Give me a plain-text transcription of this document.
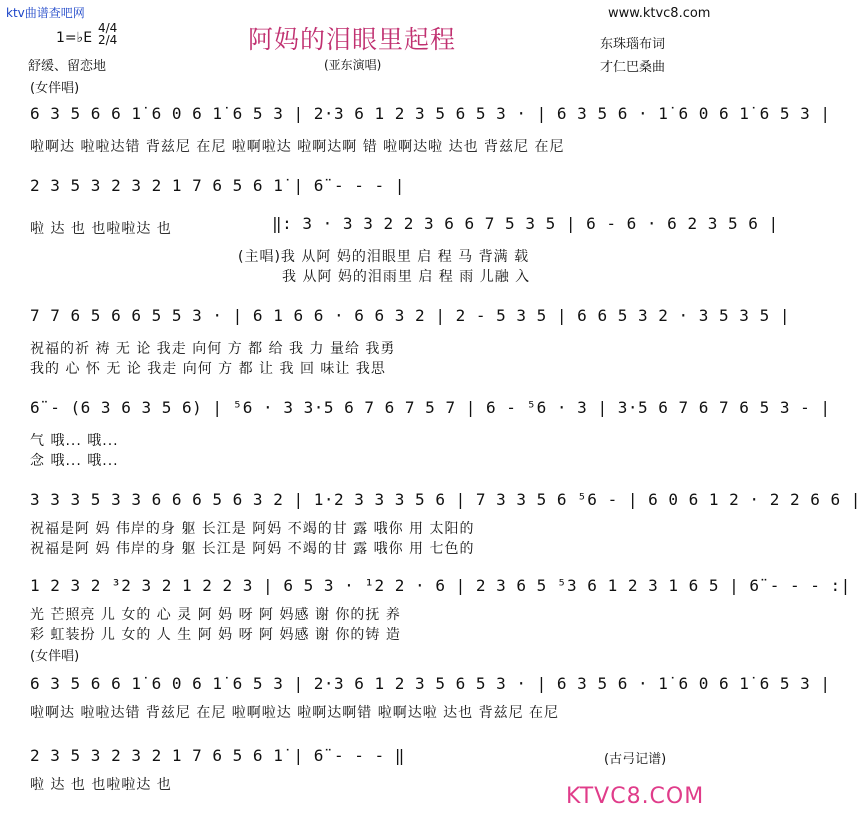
ktv曲谱查吧网	www.ktvc8.com
阿妈的泪眼里起程
1=♭E
4/4
2/4
舒缓、留恋地	(亚东演唱)
东珠瑙布词
才仁巴桑曲
(女伴唱)
6 3 5 6 6 1̇ 6 0 6 1̇ 6 5 3 | 2·3 6 1 2 3 5 6 5 3 · | 6 3 5 6 · 1̇ 6 0 6 1̇ 6 5 3 |
啦啊达 啦啦达错 背兹尼 在尼 啦啊啦达 啦啊达啊 错 啦啊达啦 达也 背兹尼 在尼
2 3 5 3 2 3 2 1 7 6 5 6 1̇ | 6̈ - - - |
啦 达 也 也啦啦达 也	‖: 3 · 3 3 2 2 3 6 6 7 5 3 5 | 6 - 6 · 6 2 3 5 6 |
(主唱)我 从阿 妈的泪眼里 启 程 马 背满 载
我 从阿 妈的泪雨里 启 程 雨 儿融 入
7 7 6 5 6 6 5 5 3 · | 6 1 6 6 · 6 6 3 2 | 2 - 5 3 5 | 6 6 5 3 2 · 3 5 3 5 |
祝福的祈 祷 无 论 我走 向何 方 都 给 我 力 量给 我勇
我的 心 怀 无 论 我走 向何 方 都 让 我 回 味让 我思
6̈ - (6 3 6 3 5 6) | ⁵6 · 3 3·5 6 7 6 7 5 7 | 6 - ⁵6 · 3 | 3·5 6 7 6 7 6 5 3 - |
气 哦... 哦...
念 哦... 哦...
3 3 3 5 3 3 6 6 6 5 6 3 2 | 1·2 3 3 3 5 6 | 7 3 3 5 6 ⁵6 - | 6 0 6 1 2 · 2 2 6 6 |
祝福是阿 妈 伟岸的身 躯 长江是 阿妈 不竭的甘 露 哦你 用 太阳的
祝福是阿 妈 伟岸的身 躯 长江是 阿妈 不竭的甘 露 哦你 用 七色的
1 2 3 2 ³2 3 2 1 2 2 3 | 6 5 3 · ¹2 2 · 6 | 2 3 6 5 ⁵3 6 1 2 3 1 6 5 | 6̈ - - - :|
光 芒照亮 儿 女的 心 灵 阿 妈 呀 阿 妈感 谢 你的抚 养
彩 虹装扮 儿 女的 人 生 阿 妈 呀 阿 妈感 谢 你的铸 造
(女伴唱)
6 3 5 6 6 1̇ 6 0 6 1̇ 6 5 3 | 2·3 6 1 2 3 5 6 5 3 · | 6 3 5 6 · 1̇ 6 0 6 1̇ 6 5 3 |
啦啊达 啦啦达错 背兹尼 在尼 啦啊啦达 啦啊达啊错 啦啊达啦 达也 背兹尼 在尼
2 3 5 3 2 3 2 1 7 6 5 6 1̇ | 6̈ - - - ‖
啦 达 也 也啦啦达 也
(古弓记谱)
KTVC8.COM
